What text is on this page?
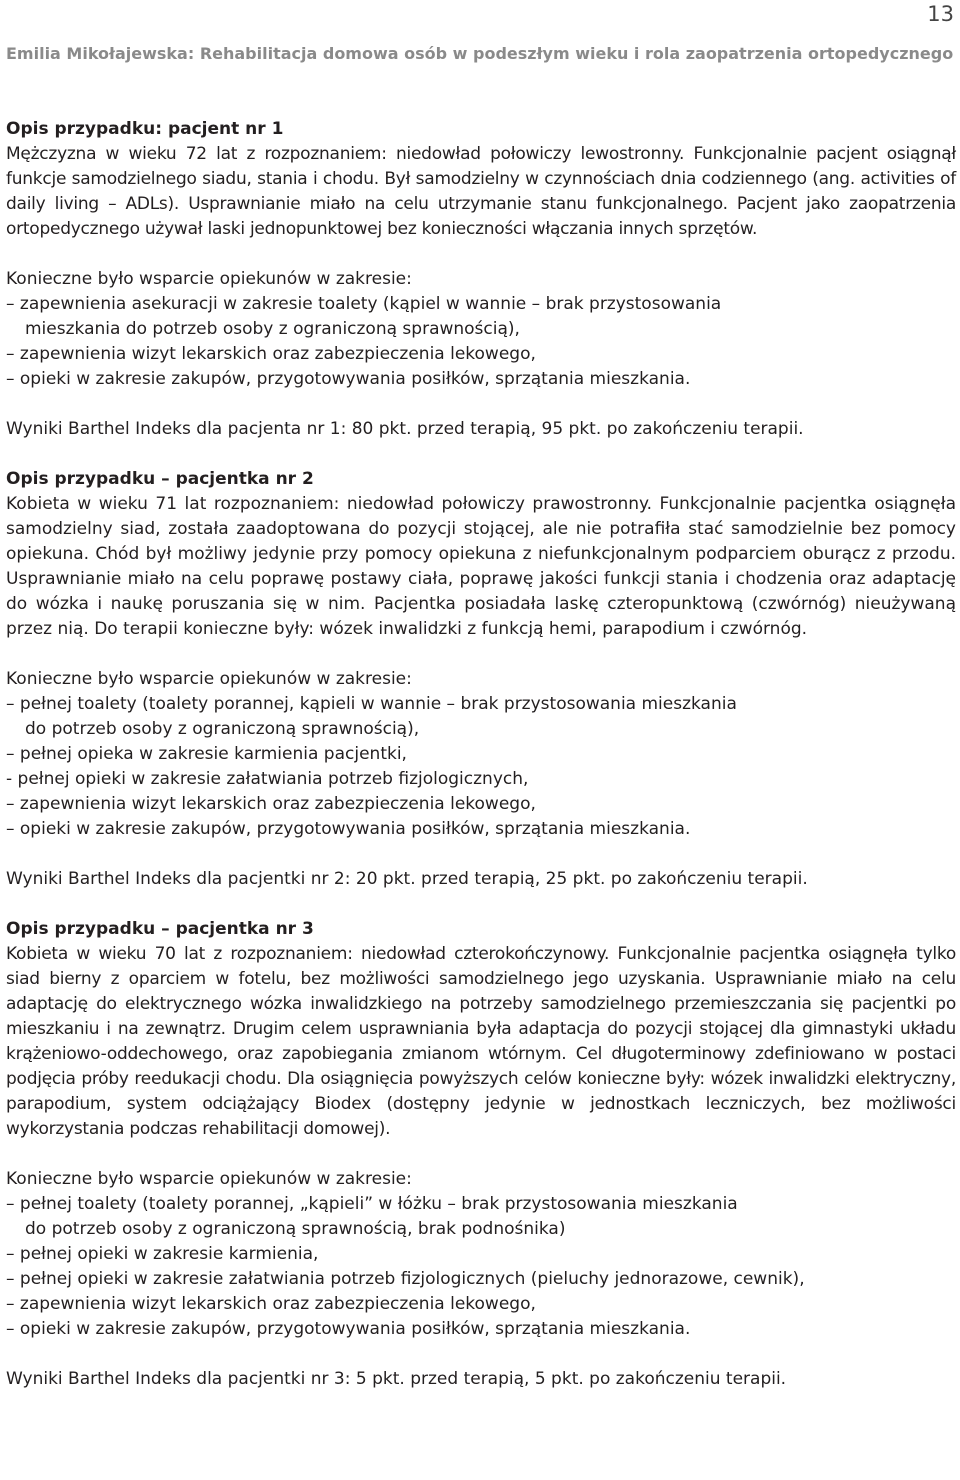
13
Emilia Mikołajewska: Rehabilitacja domowa osób w podeszłym wieku i rola zaopatrzenia ortopedycznego
Opis przypadku: pacjent nr 1

Mężczyzna w wieku 72 lat z rozpoznaniem: niedowład połowiczy lewostronny. Funkcjonalnie pacjent osiągnął funkcje samodzielnego siadu, stania i chodu. Był samodzielny w czynnościach dnia codziennego (ang. activities of daily living – ADLs). Usprawnianie miało na celu utrzymanie stanu funkcjonalnego. Pacjent jako zaopatrzenia ortopedycznego używał laski jednopunktowej bez konieczności włączania innych sprzętów.

Konieczne było wsparcie opiekunów w zakresie:
– zapewnienia asekuracji w zakresie toalety (kąpiel w wannie – brak przystosowania
mieszkania do potrzeb osoby z ograniczoną sprawnością),
– zapewnienia wizyt lekarskich oraz zabezpieczenia lekowego,
– opieki w zakresie zakupów, przygotowywania posiłków, sprzątania mieszkania.
Wyniki Barthel Indeks dla pacjenta nr 1: 80 pkt. przed terapią, 95 pkt. po zakończeniu terapii.
Opis przypadku – pacjentka nr 2

Kobieta w wieku 71 lat rozpoznaniem: niedowład połowiczy prawostronny. Funkcjonalnie pacjentka osiągnęła samodzielny siad, została zaadoptowana do pozycji stojącej, ale nie potrafiła stać samodzielnie bez pomocy opiekuna. Chód był możliwy jedynie przy pomocy opiekuna z niefunkcjonalnym podparciem oburącz z przodu. Usprawnianie miało na celu poprawę postawy ciała, poprawę jakości funkcji stania i chodzenia oraz adaptację do wózka i naukę poruszania się w nim. Pacjentka posiadała laskę czteropunktową (czwórnóg) nieużywaną przez nią. Do terapii konieczne były: wózek inwalidzki z funkcją hemi, parapodium i czwórnóg.

Konieczne było wsparcie opiekunów w zakresie:
– pełnej toalety (toalety porannej, kąpieli w wannie – brak przystosowania mieszkania
do potrzeb osoby z ograniczoną sprawnością),
– pełnej opieka w zakresie karmienia pacjentki,
- pełnej opieki w zakresie załatwiania potrzeb fizjologicznych,
– zapewnienia wizyt lekarskich oraz zabezpieczenia lekowego,
– opieki w zakresie zakupów, przygotowywania posiłków, sprzątania mieszkania.
Wyniki Barthel Indeks dla pacjentki nr 2: 20 pkt. przed terapią, 25 pkt. po zakończeniu terapii.
Opis przypadku – pacjentka nr 3

Kobieta w wieku 70 lat z rozpoznaniem: niedowład czterokończynowy. Funkcjonalnie pacjentka osiągnęła tylko siad bierny z oparciem w fotelu, bez możliwości samodzielnego jego uzyskania. Usprawnianie miało na celu adaptację do elektrycznego wózka inwalidzkiego na potrzeby samodzielnego przemieszczania się pacjentki po mieszkaniu i na zewnątrz. Drugim celem usprawniania była adaptacja do pozycji stojącej dla gimnastyki układu krążeniowo-oddechowego, oraz zapobiegania zmianom wtórnym. Cel długoterminowy zdefiniowano w postaci podjęcia próby reedukacji chodu. Dla osiągnięcia powyższych celów konieczne były: wózek inwalidzki elektryczny, parapodium, system odciążający Biodex (dostępny jedynie w jednostkach leczniczych, bez możliwości wykorzystania podczas rehabilitacji domowej).

Konieczne było wsparcie opiekunów w zakresie:
– pełnej toalety (toalety porannej, „kąpieli” w łóżku – brak przystosowania mieszkania
do potrzeb osoby z ograniczoną sprawnością, brak podnośnika)
– pełnej opieki w zakresie karmienia,
– pełnej opieki w zakresie załatwiania potrzeb fizjologicznych (pieluchy jednorazowe, cewnik),
– zapewnienia wizyt lekarskich oraz zabezpieczenia lekowego,
– opieki w zakresie zakupów, przygotowywania posiłków, sprzątania mieszkania.
Wyniki Barthel Indeks dla pacjentki nr 3: 5 pkt. przed terapią, 5 pkt. po zakończeniu terapii.
